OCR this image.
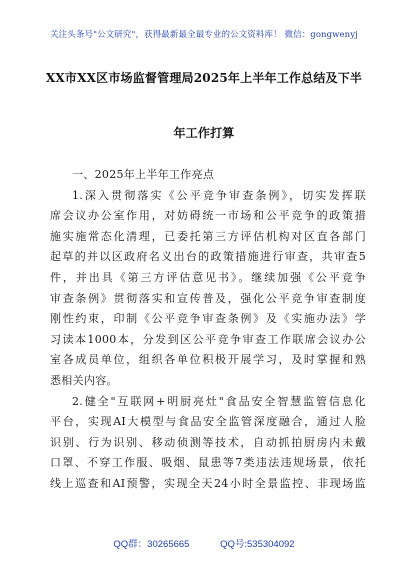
关注头条号"公文研究"，获得最新最全最专业的公文资料库！ 微信：gongwenyj
XX市XX区市场监督管理局2025年上半年工作总结及下半
年工作打算
一、2025年上半年工作亮点
1.深入贯彻落实《公平竞争审查条例》，切实发挥联
席会议办公室作用，对妨碍统一市场和公平竞争的政策措
施实施常态化清理，已委托第三方评估机构对区直各部门
起草的并以区政府名义出台的政策措施进行审查，共审查5
件，并出具《第三方评估意见书》。继续加强《公平竞争
审查条例》贯彻落实和宣传普及，强化公平竞争审查制度
刚性约束，印制《公平竞争审查条例》及《实施办法》学
习读本1000本，分发到区公平竞争审查工作联席会议办公
室各成员单位，组织各单位积极开展学习，及时掌握和熟
悉相关内容。
2.健全"互联网+明厨亮灶"食品安全智慧监管信息化
平台，实现AI大模型与食品安全监管深度融合，通过人脸
识别、行为识别、移动侦测等技术，自动抓拍厨房内未戴
口罩、不穿工作服、吸烟、鼠患等7类违法违规场景，依托
线上巡查和AI预警，实现全天24小时全景监控、非现场监
QQ群：30265665	QQ号:535304092
